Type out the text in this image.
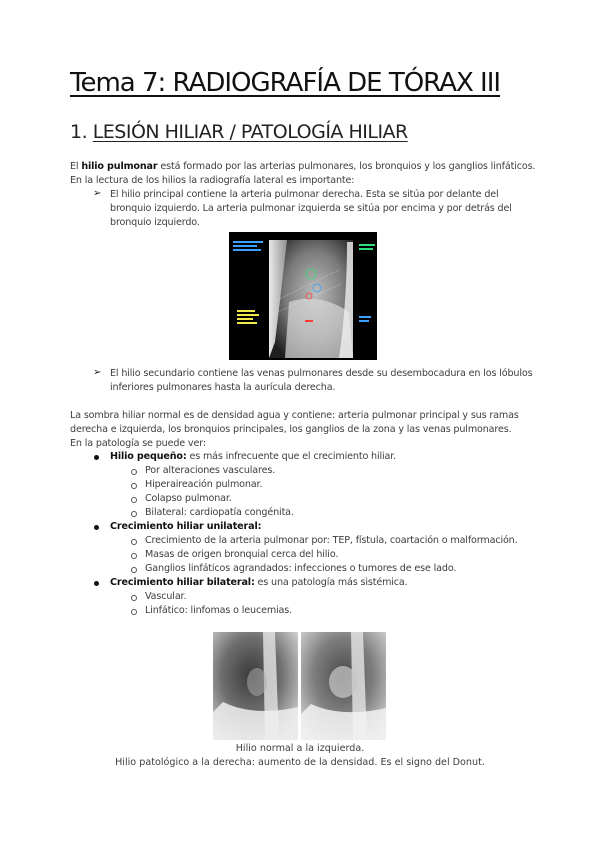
Tema 7: RADIOGRAFÍA DE TÓRAX III
1. LESIÓN HILIAR / PATOLOGÍA HILIAR
El hilio pulmonar está formado por las arterias pulmonares, los bronquios y los ganglios linfáticos.
En la lectura de los hilios la radiografía lateral es importante:
➢ El hilio principal contiene la arteria pulmonar derecha. Esta se sitúa por delante del
bronquio izquierdo. La arteria pulmonar izquierda se sitúa por encima y por detrás del
bronquio izquierdo.
➢ El hilio secundario contiene las venas pulmonares desde su desembocadura en los lóbulos
inferiores pulmonares hasta la aurícula derecha.
La sombra hiliar normal es de densidad agua y contiene: arteria pulmonar principal y sus ramas
derecha e izquierda, los bronquios principales, los ganglios de la zona y las venas pulmonares.
En la patología se puede ver:
Hilio pequeño: es más infrecuente que el crecimiento hiliar.
Por alteraciones vasculares.
Hiperaireación pulmonar.
Colapso pulmonar.
Bilateral: cardiopatía congénita.
Crecimiento hiliar unilateral:
Crecimiento de la arteria pulmonar por: TEP, fístula, coartación o malformación.
Masas de origen bronquial cerca del hilio.
Ganglios linfáticos agrandados: infecciones o tumores de ese lado.
Crecimiento hiliar bilateral: es una patología más sistémica.
Vascular.
Linfático: linfomas o leucemias.
Hilio normal a la izquierda.
Hilio patológico a la derecha: aumento de la densidad. Es el signo del Donut.
